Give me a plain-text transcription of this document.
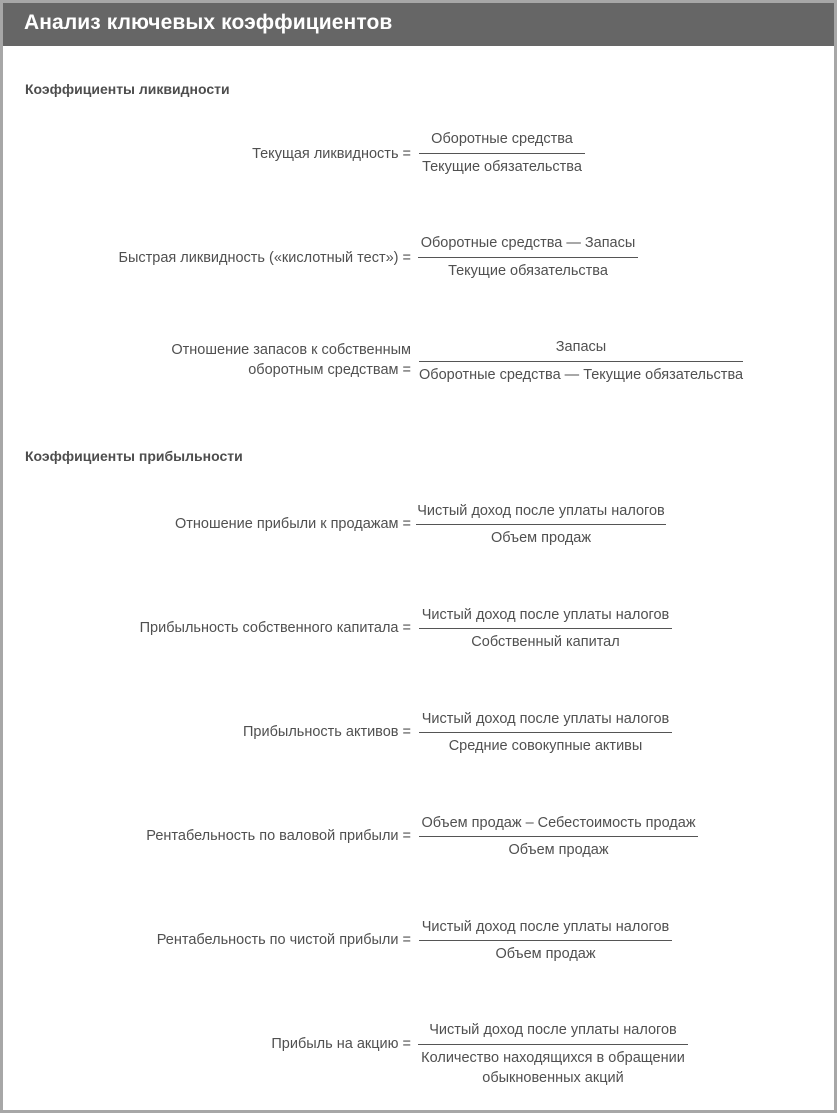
Анализ ключевых коэффициентов
Коэффициенты ликвидности
Текущая ликвидность =
Оборотные средства
Текущие обязательства
Быстрая ликвидность («кислотный тест») =
Оборотные средства — Запасы
Текущие обязательства
Отношение запасов к собственным
оборотным средствам =
Запасы
Оборотные средства — Текущие обязательства
Коэффициенты прибыльности
Отношение прибыли к продажам =
Чистый доход после уплаты налогов
Объем продаж
Прибыльность собственного капитала =
Чистый доход после уплаты налогов
Собственный капитал
Прибыльность активов =
Чистый доход после уплаты налогов
Средние совокупные активы
Рентабельность по валовой прибыли =
Объем продаж – Себестоимость продаж
Объем продаж
Рентабельность по чистой прибыли =
Чистый доход после уплаты налогов
Объем продаж
Прибыль на акцию =
Чистый доход после уплаты налогов
Количество находящихся в обращении
обыкновенных акций
